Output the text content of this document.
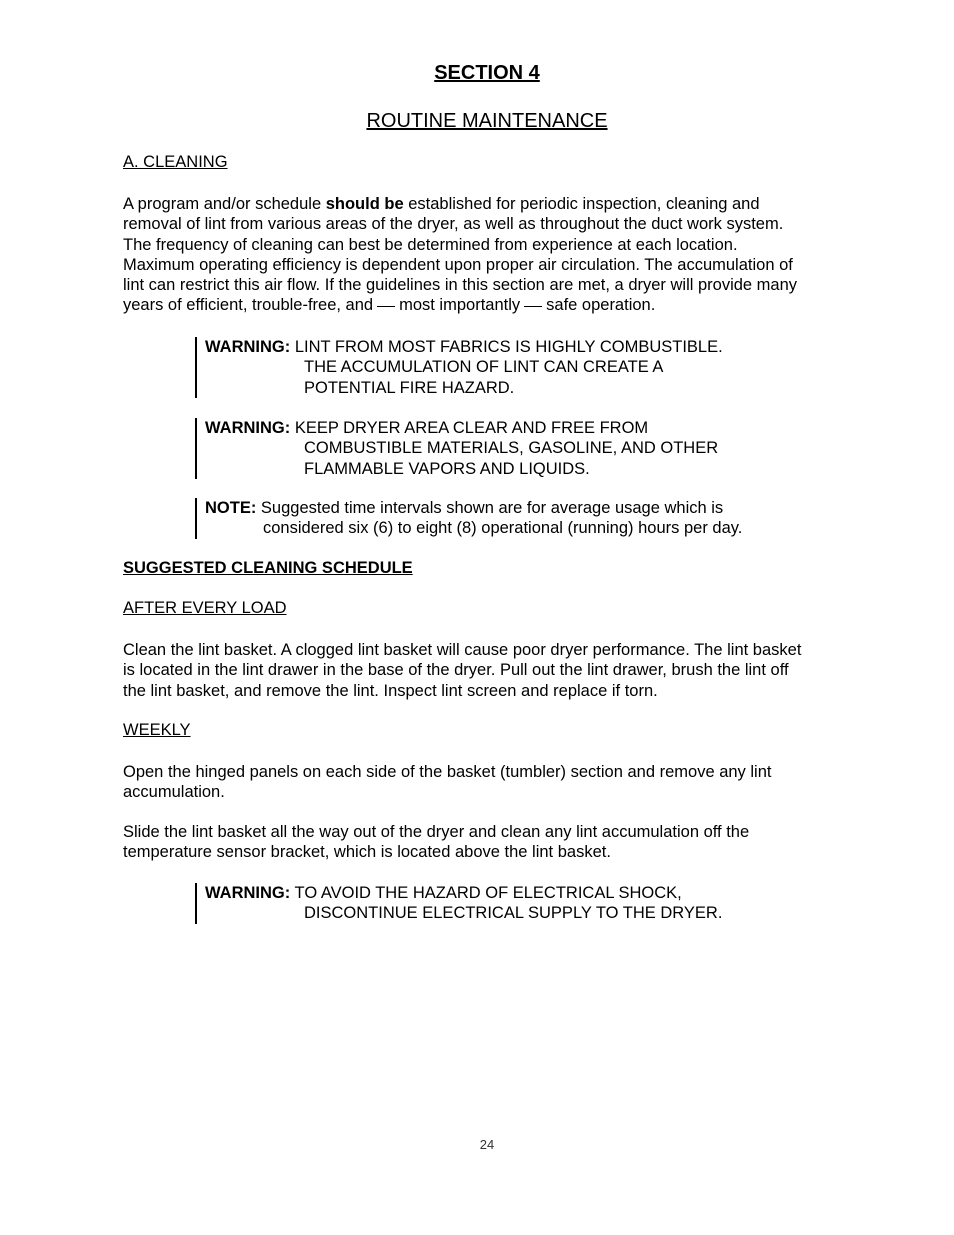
SECTION 4
ROUTINE MAINTENANCE
A. CLEANING

A program and/or schedule should be established for periodic inspection, cleaning and

removal of lint from various areas of the dryer, as well as throughout the duct work system.

The frequency of cleaning can best be determined from experience at each location.

Maximum operating efficiency is dependent upon proper air circulation. The accumulation of

lint can restrict this air flow. If the guidelines in this section are met, a dryer will provide many

years of efficient, trouble-free, and most importantly safe operation.

WARNING: LINT FROM MOST FABRICS IS HIGHLY COMBUSTIBLE.
THE ACCUMULATION OF LINT CAN CREATE A
POTENTIAL FIRE HAZARD.
WARNING: KEEP DRYER AREA CLEAR AND FREE FROM
COMBUSTIBLE MATERIALS, GASOLINE, AND OTHER
FLAMMABLE VAPORS AND LIQUIDS.
NOTE: Suggested time intervals shown are for average usage which is
considered six (6) to eight (8) operational (running) hours per day.
SUGGESTED CLEANING SCHEDULE
AFTER EVERY LOAD

Clean the lint basket. A clogged lint basket will cause poor dryer performance. The lint basket

is located in the lint drawer in the base of the dryer. Pull out the lint drawer, brush the lint off

the lint basket, and remove the lint. Inspect lint screen and replace if torn.

WEEKLY

Open the hinged panels on each side of the basket (tumbler) section and remove any lint

accumulation.

Slide the lint basket all the way out of the dryer and clean any lint accumulation off the

temperature sensor bracket, which is located above the lint basket.

WARNING: TO AVOID THE HAZARD OF ELECTRICAL SHOCK,
DISCONTINUE ELECTRICAL SUPPLY TO THE DRYER.
24
